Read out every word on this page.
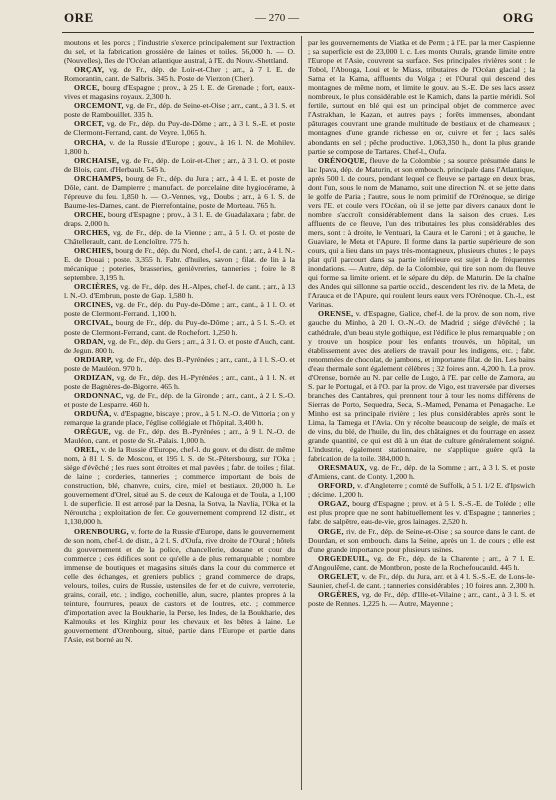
ORE	— 270 —	ORG

moutons et les porcs ; l'industrie s'exerce principalement sur l'extraction du sel, et la fabrication grossière de laines et toiles. 56,000 h. — O. (Nouvelles), îles de l'Océan atlantique austral, à l'E. du Nouv.-Shettland.

ORÇAY, vg. de Fr., dép. de Loir-et-Cher ; arr., à 7 l. E. de Romorantin, cant. de Salbris. 345 h. Poste de Vierzon (Cher).

ORCE, bourg d'Espagne ; prov., à 25 l. E. de Grenade ; fort, eaux-vives et magasins royaux. 2,300 h.

ORCEMONT, vg. de Fr., dép. de Seine-et-Oise ; arr., cant., à 3 l. S. et poste de Rambouillet. 335 h.

ORCET, vg. de Fr., dép. du Puy-de-Dôme ; arr., à 3 l. S.-E. et poste de Clermont-Ferrand, cant. de Veyre. 1,065 h.

ORCHA, v. de la Russie d'Europe ; gouv., à 16 l. N. de Mohilev. 1,800 h.

ORCHAISE, vg. de Fr., dép. de Loir-et-Cher ; arr., à 3 l. O. et poste de Blois, cant. d'Herbault. 545 h.

ORCHAMPS, bourg de Fr., dép. du Jura ; arr., à 4 l. E. et poste de Dôle, cant. de Dampierre ; manufact. de porcelaine dite hygiocérame, à l'épreuve du feu. 1,850 h. — O.-Vennes, vg., Doubs ; arr., à 6 l. S. de Baume-les-Dames, cant. de Pierrefontaine, poste de Morteau. 765 h.

ORCHE, bourg d'Espagne ; prov., à 3 l. E. de Guadalaxara ; fabr. de draps. 2,000 h.

ORCHES, vg. de Fr., dép. de la Vienne ; arr., à 5 l. O. et poste de Châtellerault, cant. de Lencloître. 775 h.

ORCHIES, bourg de Fr., dép. du Nord, chef-l. de cant. ; arr., à 4 l. N.-E. de Douai ; poste. 3,355 h. Fabr. d'huiles, savon ; filat. de lin à la mécanique ; poteries, brasseries, genièvreries, tanneries ; foire le 8 septembre. 3,195 h.

ORCIÈRES, vg. de Fr., dép. des H.-Alpes, chef-l. de cant. ; arr., à 13 l. N.-O. d'Embrun, poste de Gap. 1,580 h.

ORCINES, vg. de Fr., dép. du Puy-de-Dôme ; arr., cant., à 1 l. O. et poste de Clermont-Ferrand. 1,100 h.

ORCIVAL, bourg de Fr., dép. du Puy-de-Dôme ; arr., à 5 l. S.-O. et poste de Clermont-Ferrand, cant. de Rochefort. 1,250 h.

ORDAN, vg. de Fr., dép. du Gers ; arr., à 3 l. O. et poste d'Auch, cant. de Jegun. 800 h.

ORDIARP, vg. de Fr., dép. des B.-Pyrénées ; arr., cant., à 1 l. S.-O. et poste de Mauléon. 970 h.

ORDIZAN, vg. de Fr., dép. des H.-Pyrénées ; arr., cant., à 1 l. N. et poste de Bagnères-de-Bigorre. 465 h.

ORDONNAC, vg. de Fr., dép. de la Gironde ; arr., cant., à 2 l. S.-O. et poste de Lesparre. 460 h.

ORDUÑA, v. d'Espagne, biscaye ; prov., à 5 l. N.-O. de Vittoria ; on y remarque la grande place, l'église collégiale et l'hôpital. 3,400 h.

ORÈGUE, vg. de Fr., dép. des B.-Pyrénées ; arr., à 9 l. N.-O. de Mauléon, cant. et poste de St.-Palais. 1,000 h.

OREL, v. de la Russie d'Europe, chef-l. du gouv. et du distr. de même nom, à 81 l. S. de Moscou, et 195 l. S. de St.-Pétersbourg, sur l'Oka ; siége d'évêché ; les rues sont étroites et mal pavées ; fabr. de toiles ; filat. de laine ; corderies, tanneries ; commerce important de bois de construction, blé, chanvre, cuirs, cire, miel et bestiaux. 20,000 h. Le gouvernement d'Orel, situé au S. de ceux de Kalouga et de Toula, a 1,100 l. de superficie. Il est arrosé par la Desna, la Sotva, la Navlia, l'Oka et la Néroutcha ; exploitation de fer. Ce gouvernement comprend 12 distr., et 1,130,000 h.

ORENBOURG, v. forte de la Russie d'Europe, dans le gouvernement de son nom, chef-l. de distr., à 2 l. S. d'Oufa, rive droite de l'Oural ; hôtels du gouvernement et de la police, chancellerie, douane et cour du commerce ; ces édifices sont ce qu'elle a de plus remarquable ; nombre immense de boutiques et magasins situés dans la cour du commerce et celle des échanges, et greniers publics ; grand commerce de draps, velours, toiles, cuirs de Russie, ustensiles de fer et de cuivre, verroterie, grains, corail, etc. ; indigo, cochenille, alun, sucre, plantes propres à la teinture, fourrures, peaux de castors et de loutres, etc. ; commerce d'importation avec la Boukharie, la Perse, les Indes, de la Boukharie, des Kalmouks et les Kirghiz pour les chevaux et les bêtes à laine. Le gouvernement d'Orenbourg, situé, partie dans l'Europe et partie dans l'Asie, est borné au N.

par les gouvernements de Viatka et de Perm ; à l'E. par la mer Caspienne ; sa superficie est de 23,000 l. c. Les monts Ourals, grande limite entre l'Europe et l'Asie, couvrent sa surface. Ses principales rivières sont : le Tobol, l'Abouga, Loui et le Miass, tributaires de l'Océan glacial ; la Sama et la Kama, affluents du Volga ; et l'Oural qui descend des montagnes de même nom, et limite le gouv. au S.-E. De ses lacs assez nombreux, le plus considérable est le Kamich, dans la partie méridi. Sol fertile, surtout en blé qui est un principal objet de commerce avec l'Astrakhan, le Kazan, et autres pays ; forêts immenses, abondant pâturages couvrant une grande multitude de bestiaux et de chameaux ; montagnes d'une grande richesse en or, cuivre et fer ; lacs salés abondants en sel ; pêche productive. 1,063,350 h., dont la plus grande partie se compose de Tartares. Chef-l., Oufa.

ORÉNOQUE, fleuve de la Colombie ; sa source présumée dans le lac Ipava, dép. de Maturin, et son embouch. principale dans l'Atlantique, après 500 l. de cours, pendant lequel ce fleuve se partage en deux bras, dont l'un, sous le nom de Manamo, suit une direction N. et se jette dans le golfe de Paria ; l'autre, sous le nom primitif de l'Orénoque, se dirige vers l'E. et coule vers l'Océan, où il se jette par divers canaux dont le nombre s'accroît considérablement dans la saison des crues. Les affluents de ce fleuve, l'un des tributaires les plus considérables des mers, sont : à droite, le Ventuari, la Caura et le Caroni ; et à gauche, le Guaviare, le Meta et l'Apure. Il forme dans la partie supérieure de son cours, qui a lieu dans un pays très-montagneux, plusieurs chutes ; le pays plat qu'il parcourt dans sa partie inférieure est sujet à de fréquentes inondations. — Autre, dép. de la Colombie, qui tire son nom du fleuve qui forme sa limite orient. et le sépare du dép. de Maturin. De la chaîne des Andes qui sillonne sa partie occid., descendent les riv. de la Meta, de l'Arauca et de l'Apure, qui roulent leurs eaux vers l'Orénoque. Ch.-l., est Varinas.

ORENSE, v. d'Espagne, Galice, chef-l. de la prov. de son nom, rive gauche du Minho, à 20 l. O.-N.-O. de Madrid ; siége d'évêché ; la cathédrale, d'un beau style gothique, est l'édifice le plus remarquable ; on y trouve un hospice pour les enfants trouvés, un hôpital, un établissement avec des ateliers de travail pour les indigens, etc. ; fabr. renommées de chocolat, de jambons, et importante filat. de lin. Les bains d'eau thermale sont également célèbres ; 32 foires ann. 4,200 h. La prov. d'Orense, bornée au N. par celle de Lugo, à l'E. par celle de Zamora, au S. par le Portugal, et à l'O. par la prov. de Vigo, est traversée par diverses branches des Cantabres, qui prennent tour à tour les noms différens de Sierras de Porto, Sequedra, Seca, S.-Mamed, Penama et Penagache. Le Minho est sa principale rivière ; les plus considérables après sont le Lima, la Tamega et l'Avia. On y récolte beaucoup de seigle, de maïs et de vins, du blé, de l'huile, du lin, des châtaignes et du fourrage en assez grande quantité, ce qui est dû à un état de culture généralement soigné. L'industrie, également stationnaire, ne s'applique guère qu'à la fabrication de la toile. 384,000 h.

ORESMAUX, vg. de Fr., dép. de la Somme ; arr., à 3 l. S. et poste d'Amiens, cant. de Conty. 1,200 h.

ORFORD, v. d'Angleterre ; comté de Suffolk, à 5 l. 1/2 E. d'Ipswich ; décime. 1,200 h.

ORGAZ, bourg d'Espagne ; prov. et à 5 l. S.-S.-E. de Tolède ; elle est plus propre que ne sont habituellement les v. d'Espagne ; tanneries ; fabr. de salpêtre, eau-de-vie, gros lainages. 2,520 h.

ORGE, riv. de Fr., dép. de Seine-et-Oise ; sa source dans le cant. de Dourdan, et son embouch. dans la Seine, après un 1. de cours ; elle est d'une grande importance pour plusieurs usines.

ORGEDEUIL, vg. de Fr., dép. de la Charente ; arr., à 7 l. E. d'Angoulême, cant. de Montbron, poste de la Rochefoucauld. 445 h.

ORGELET, v. de Fr., dép. du Jura, arr. et à 4 l. S.-S.-E. de Lons-le-Saunier, chef-l. de cant. ; tanneries considérables ; 10 foires ann. 2,300 h.

ORGÈRES, vg. de Fr., dép. d'Ille-et-Vilaine ; arr., cant., à 3 l. S. et poste de Rennes. 1,225 h. — Autre, Mayenne ;
